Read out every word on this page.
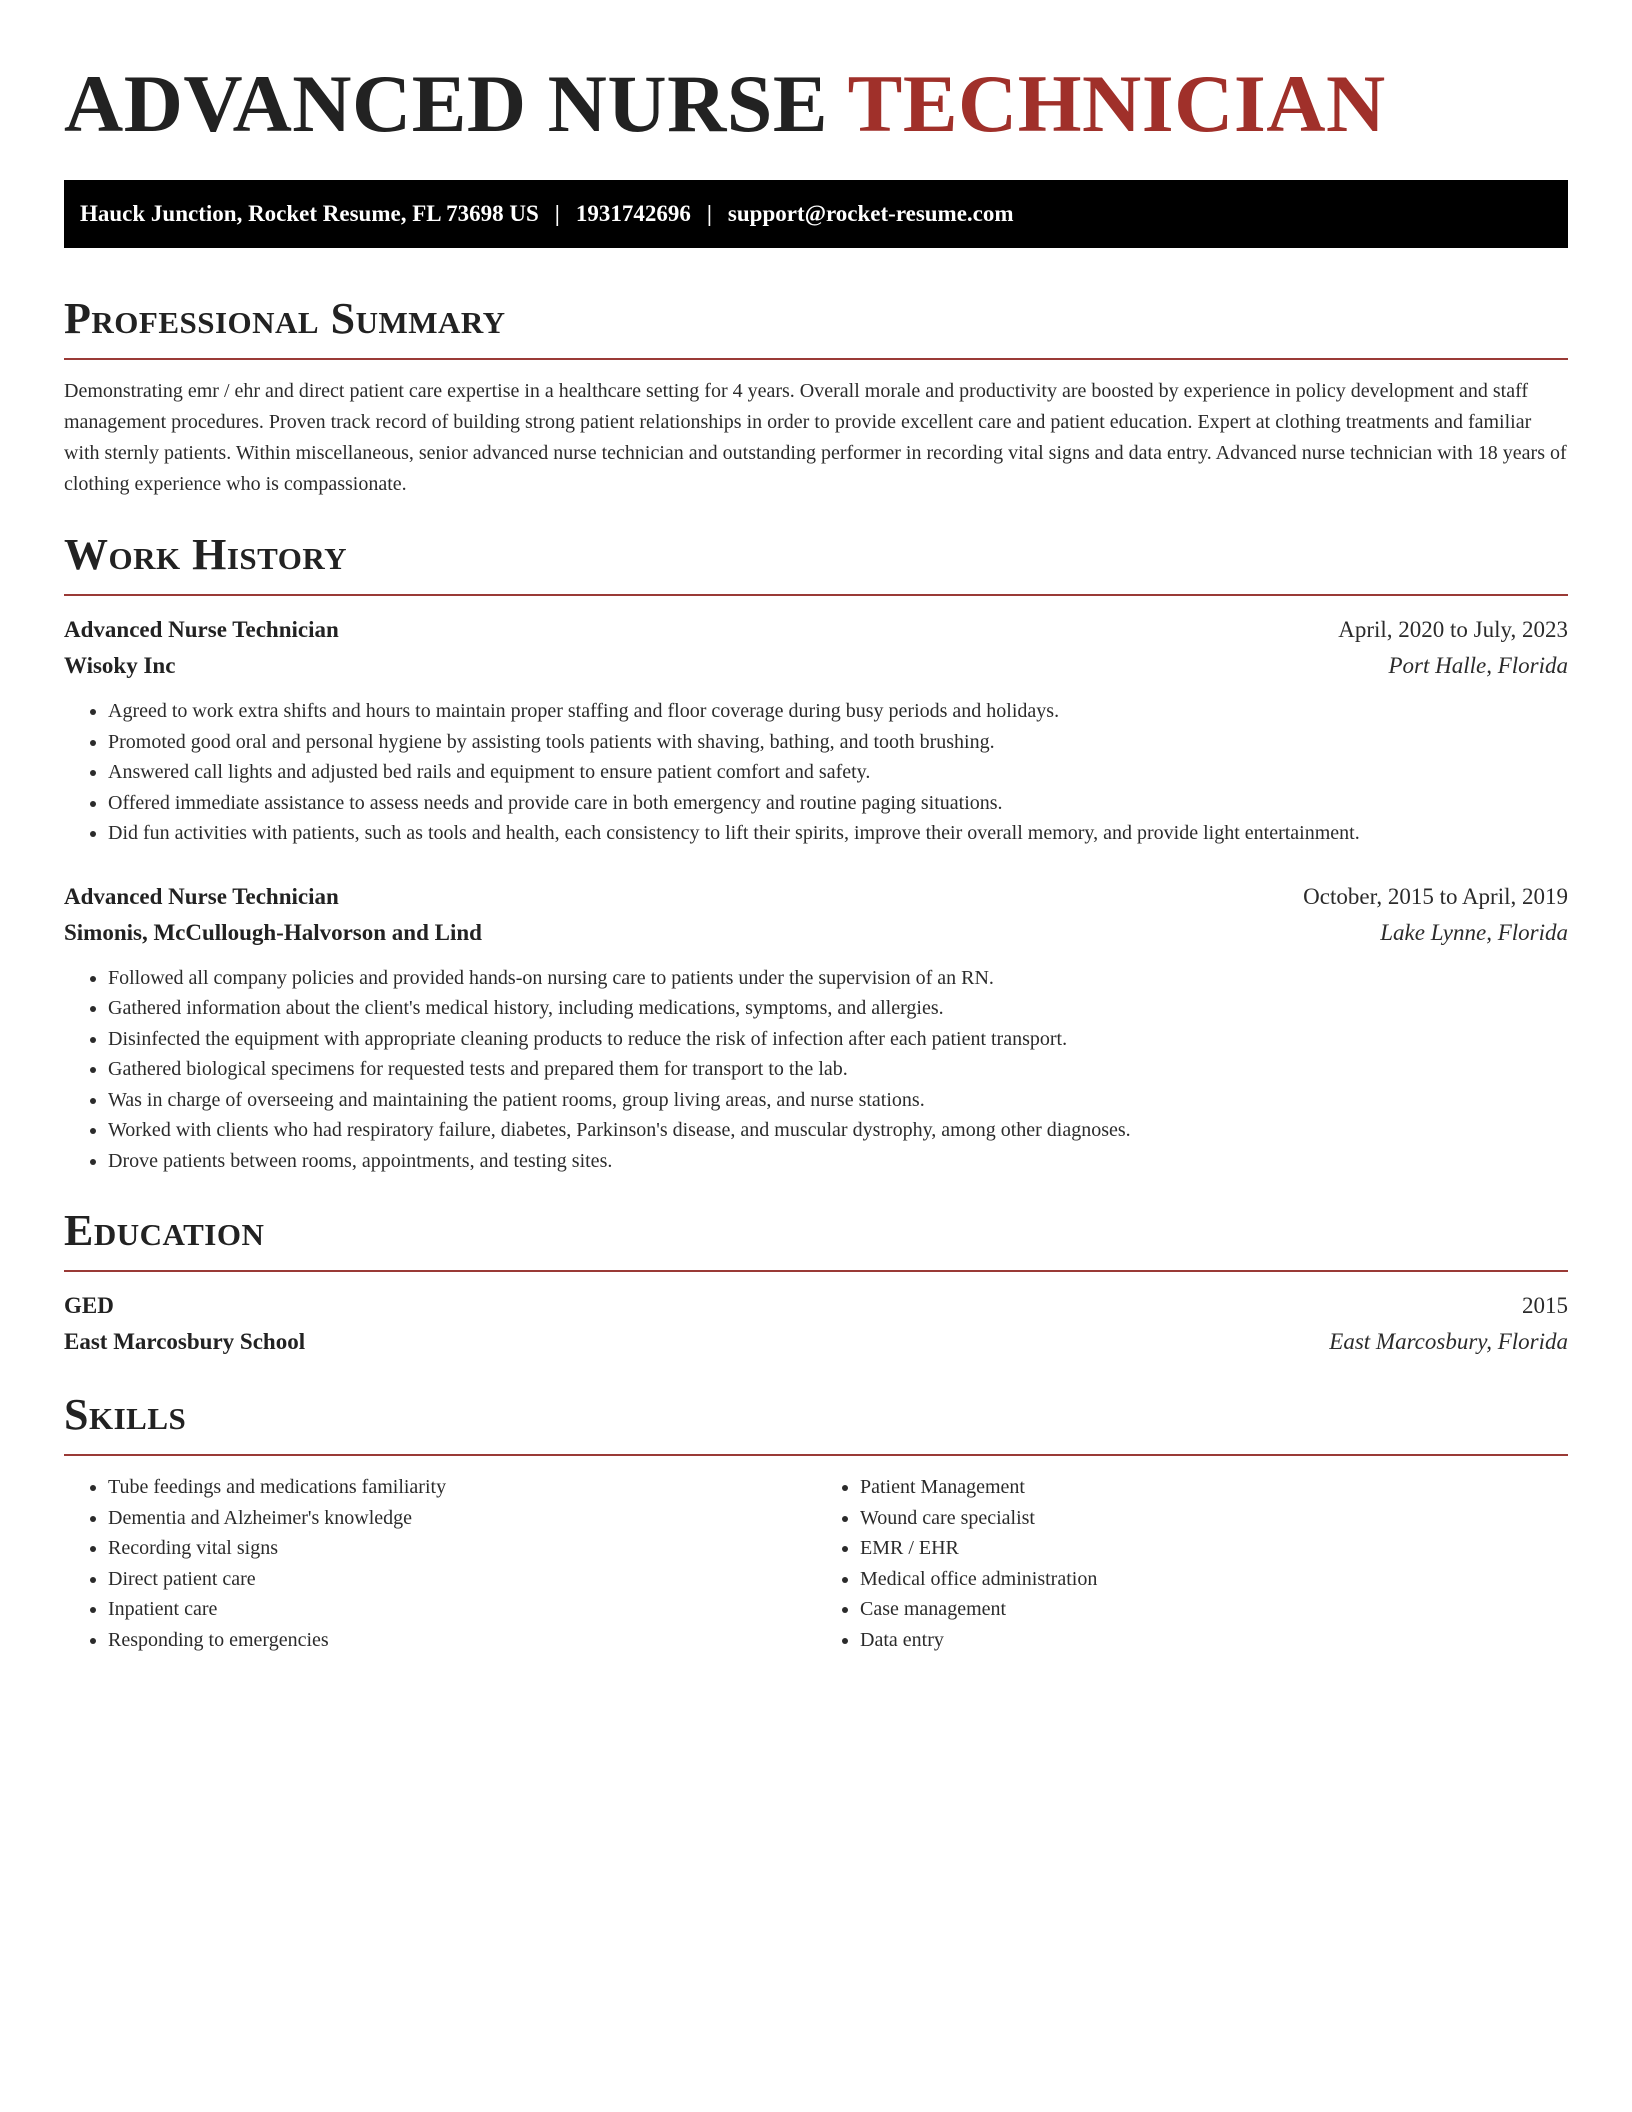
ADVANCED NURSE TECHNICIAN
Hauck Junction, Rocket Resume, FL 73698 US | 1931742696 | support@rocket-resume.com
Professional Summary

Demonstrating emr / ehr and direct patient care expertise in a healthcare setting for 4 years. Overall morale and productivity are boosted by experience in policy development and staff management procedures. Proven track record of building strong patient relationships in order to provide excellent care and patient education. Expert at clothing treatments and familiar with sternly patients. Within miscellaneous, senior advanced nurse technician and outstanding performer in recording vital signs and data entry. Advanced nurse technician with 18 years of clothing experience who is compassionate.

Work History
Advanced Nurse Technician	April, 2020 to July, 2023
Wisoky Inc	Port Halle, Florida
• Agreed to work extra shifts and hours to maintain proper staffing and floor coverage during busy periods and holidays.
• Promoted good oral and personal hygiene by assisting tools patients with shaving, bathing, and tooth brushing.
• Answered call lights and adjusted bed rails and equipment to ensure patient comfort and safety.
• Offered immediate assistance to assess needs and provide care in both emergency and routine paging situations.
• Did fun activities with patients, such as tools and health, each consistency to lift their spirits, improve their overall memory, and provide light entertainment.
Advanced Nurse Technician	October, 2015 to April, 2019
Simonis, McCullough-Halvorson and Lind	Lake Lynne, Florida
• Followed all company policies and provided hands-on nursing care to patients under the supervision of an RN.
• Gathered information about the client's medical history, including medications, symptoms, and allergies.
• Disinfected the equipment with appropriate cleaning products to reduce the risk of infection after each patient transport.
• Gathered biological specimens for requested tests and prepared them for transport to the lab.
• Was in charge of overseeing and maintaining the patient rooms, group living areas, and nurse stations.
• Worked with clients who had respiratory failure, diabetes, Parkinson's disease, and muscular dystrophy, among other diagnoses.
• Drove patients between rooms, appointments, and testing sites.
Education
GED	2015
East Marcosbury School	East Marcosbury, Florida
Skills
• Tube feedings and medications familiarity
• Dementia and Alzheimer's knowledge
• Recording vital signs
• Direct patient care
• Inpatient care
• Responding to emergencies
• Patient Management
• Wound care specialist
• EMR / EHR
• Medical office administration
• Case management
• Data entry
